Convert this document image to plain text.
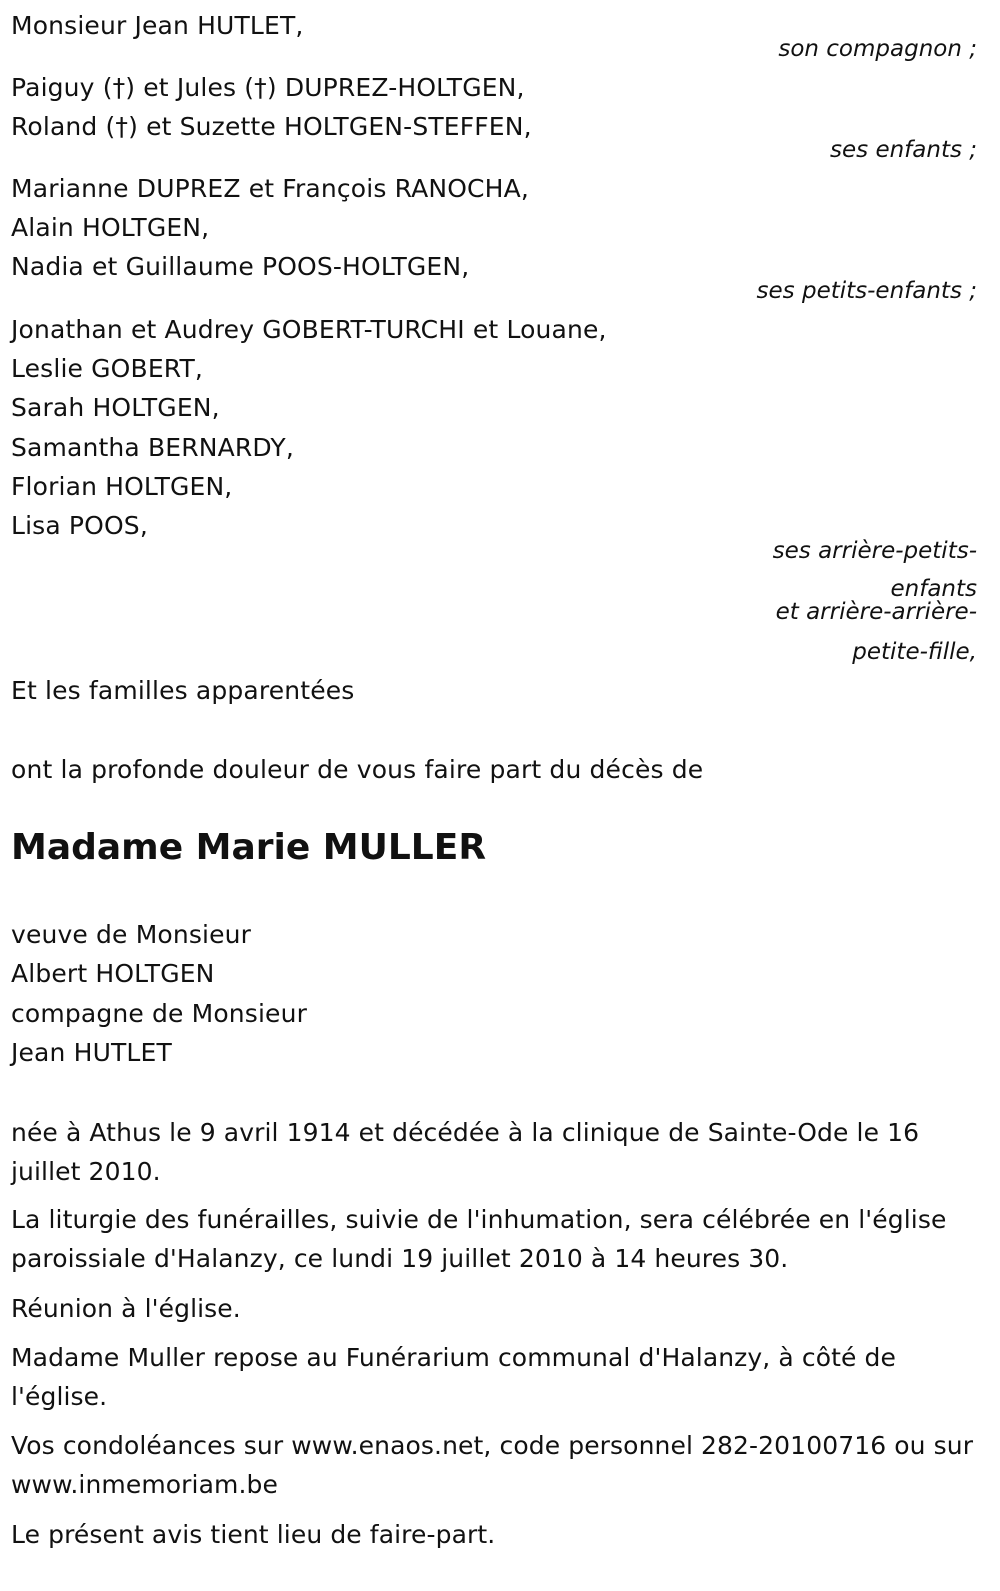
Monsieur Jean HUTLET,
son compagnon ;
Paiguy (†) et Jules (†) DUPREZ-HOLTGEN,
Roland (†) et Suzette HOLTGEN-STEFFEN,
ses enfants ;
Marianne DUPREZ et François RANOCHA,
Alain HOLTGEN,
Nadia et Guillaume POOS-HOLTGEN,
ses petits-enfants ;
Jonathan et Audrey GOBERT-TURCHI et Louane,
Leslie GOBERT,
Sarah HOLTGEN,
Samantha BERNARDY,
Florian HOLTGEN,
Lisa POOS,
ses arrière-petits-
enfants
et arrière-arrière-
petite-fille,
Et les familles apparentées
ont la profonde douleur de vous faire part du décès de
Madame Marie MULLER
veuve de Monsieur
Albert HOLTGEN
compagne de Monsieur
Jean HUTLET
née à Athus le 9 avril 1914 et décédée à la clinique de Sainte-Ode le 16 juillet 2010.
La liturgie des funérailles, suivie de l'inhumation, sera célébrée en l'église paroissiale d'Halanzy, ce lundi 19 juillet 2010 à 14 heures 30.
Réunion à l'église.
Madame Muller repose au Funérarium communal d'Halanzy, à côté de l'église.
Vos condoléances sur www.enaos.net, code personnel 282-20100716 ou sur www.inmemoriam.be
Le présent avis tient lieu de faire-part.
